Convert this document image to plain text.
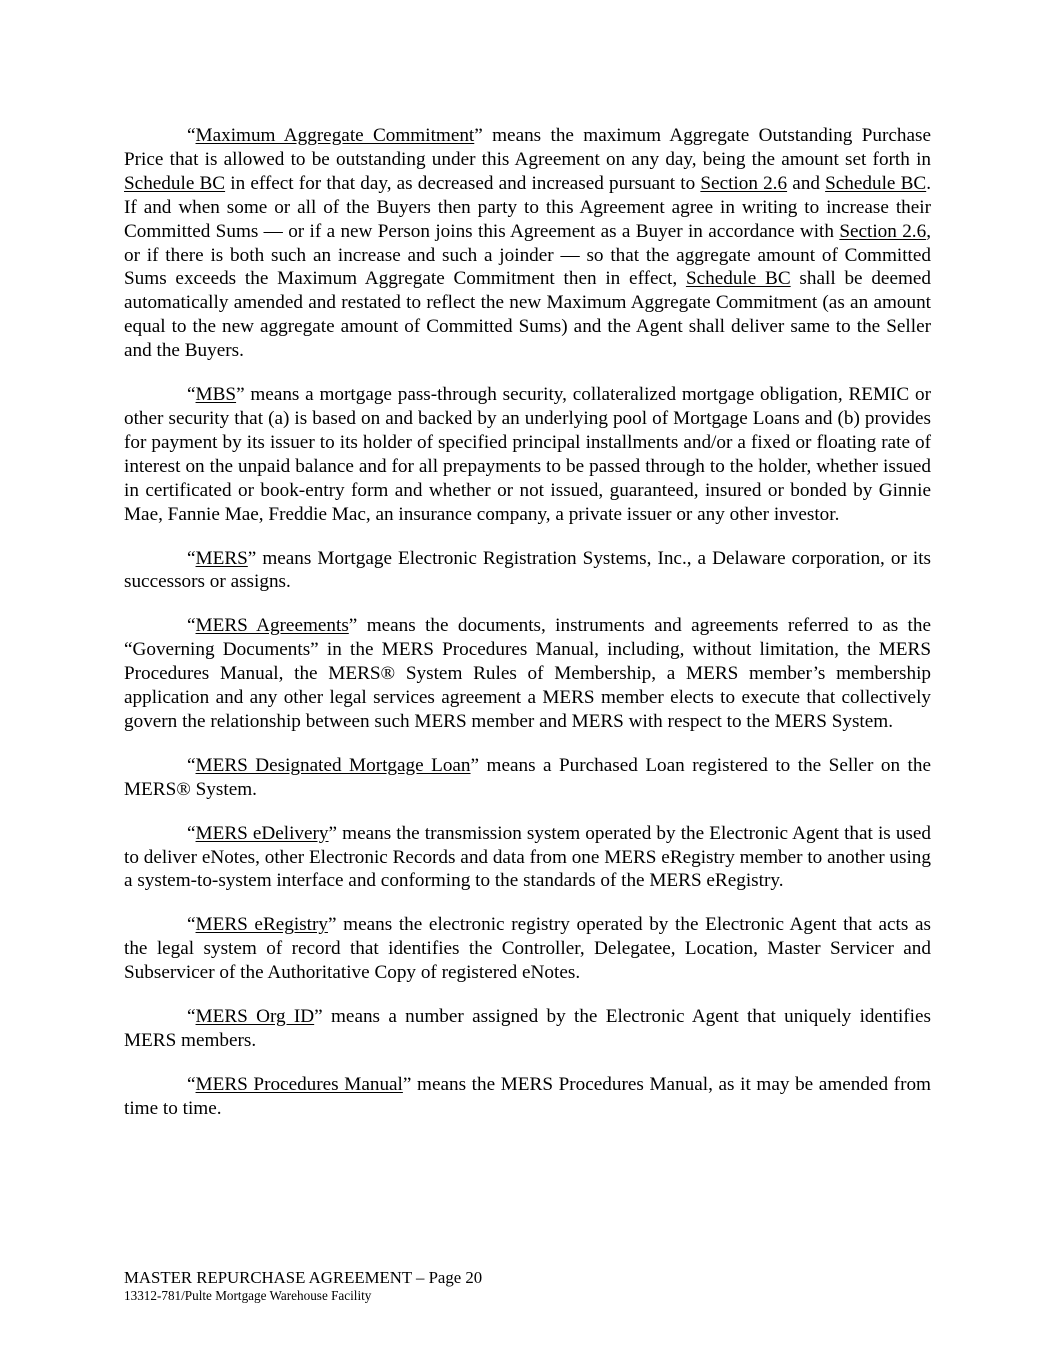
“Maximum Aggregate Commitment” means the maximum Aggregate Outstanding Purchase Price that is allowed to be outstanding under this Agreement on any day, being the amount set forth in Schedule BC in effect for that day, as decreased and increased pursuant to Section 2.6 and Schedule BC. If and when some or all of the Buyers then party to this Agreement agree in writing to increase their Committed Sums — or if a new Person joins this Agreement as a Buyer in accordance with Section 2.6, or if there is both such an increase and such a joinder — so that the aggregate amount of Committed Sums exceeds the Maximum Aggregate Commitment then in effect, Schedule BC shall be deemed automatically amended and restated to reflect the new Maximum Aggregate Commitment (as an amount equal to the new aggregate amount of Committed Sums) and the Agent shall deliver same to the Seller and the Buyers.

“MBS” means a mortgage pass-through security, collateralized mortgage obligation, REMIC or other security that (a) is based on and backed by an underlying pool of Mortgage Loans and (b) provides for payment by its issuer to its holder of specified principal installments and/or a fixed or floating rate of interest on the unpaid balance and for all prepayments to be passed through to the holder, whether issued in certificated or book-entry form and whether or not issued, guaranteed, insured or bonded by Ginnie Mae, Fannie Mae, Freddie Mac, an insurance company, a private issuer or any other investor.

“MERS” means Mortgage Electronic Registration Systems, Inc., a Delaware corporation, or its successors or assigns.

“MERS Agreements” means the documents, instruments and agreements referred to as the “Governing Documents” in the MERS Procedures Manual, including, without limitation, the MERS Procedures Manual, the MERS® System Rules of Membership, a MERS member’s membership application and any other legal services agreement a MERS member elects to execute that collectively govern the relationship between such MERS member and MERS with respect to the MERS System.

“MERS Designated Mortgage Loan” means a Purchased Loan registered to the Seller on the MERS® System.

“MERS eDelivery” means the transmission system operated by the Electronic Agent that is used to deliver eNotes, other Electronic Records and data from one MERS eRegistry member to another using a system-to-system interface and conforming to the standards of the MERS eRegistry.

“MERS eRegistry” means the electronic registry operated by the Electronic Agent that acts as the legal system of record that identifies the Controller, Delegatee, Location, Master Servicer and Subservicer of the Authoritative Copy of registered eNotes.

“MERS Org ID” means a number assigned by the Electronic Agent that uniquely identifies MERS members.

“MERS Procedures Manual” means the MERS Procedures Manual, as it may be amended from time to time.

MASTER REPURCHASE AGREEMENT – Page 20

13312-781/Pulte Mortgage Warehouse Facility
